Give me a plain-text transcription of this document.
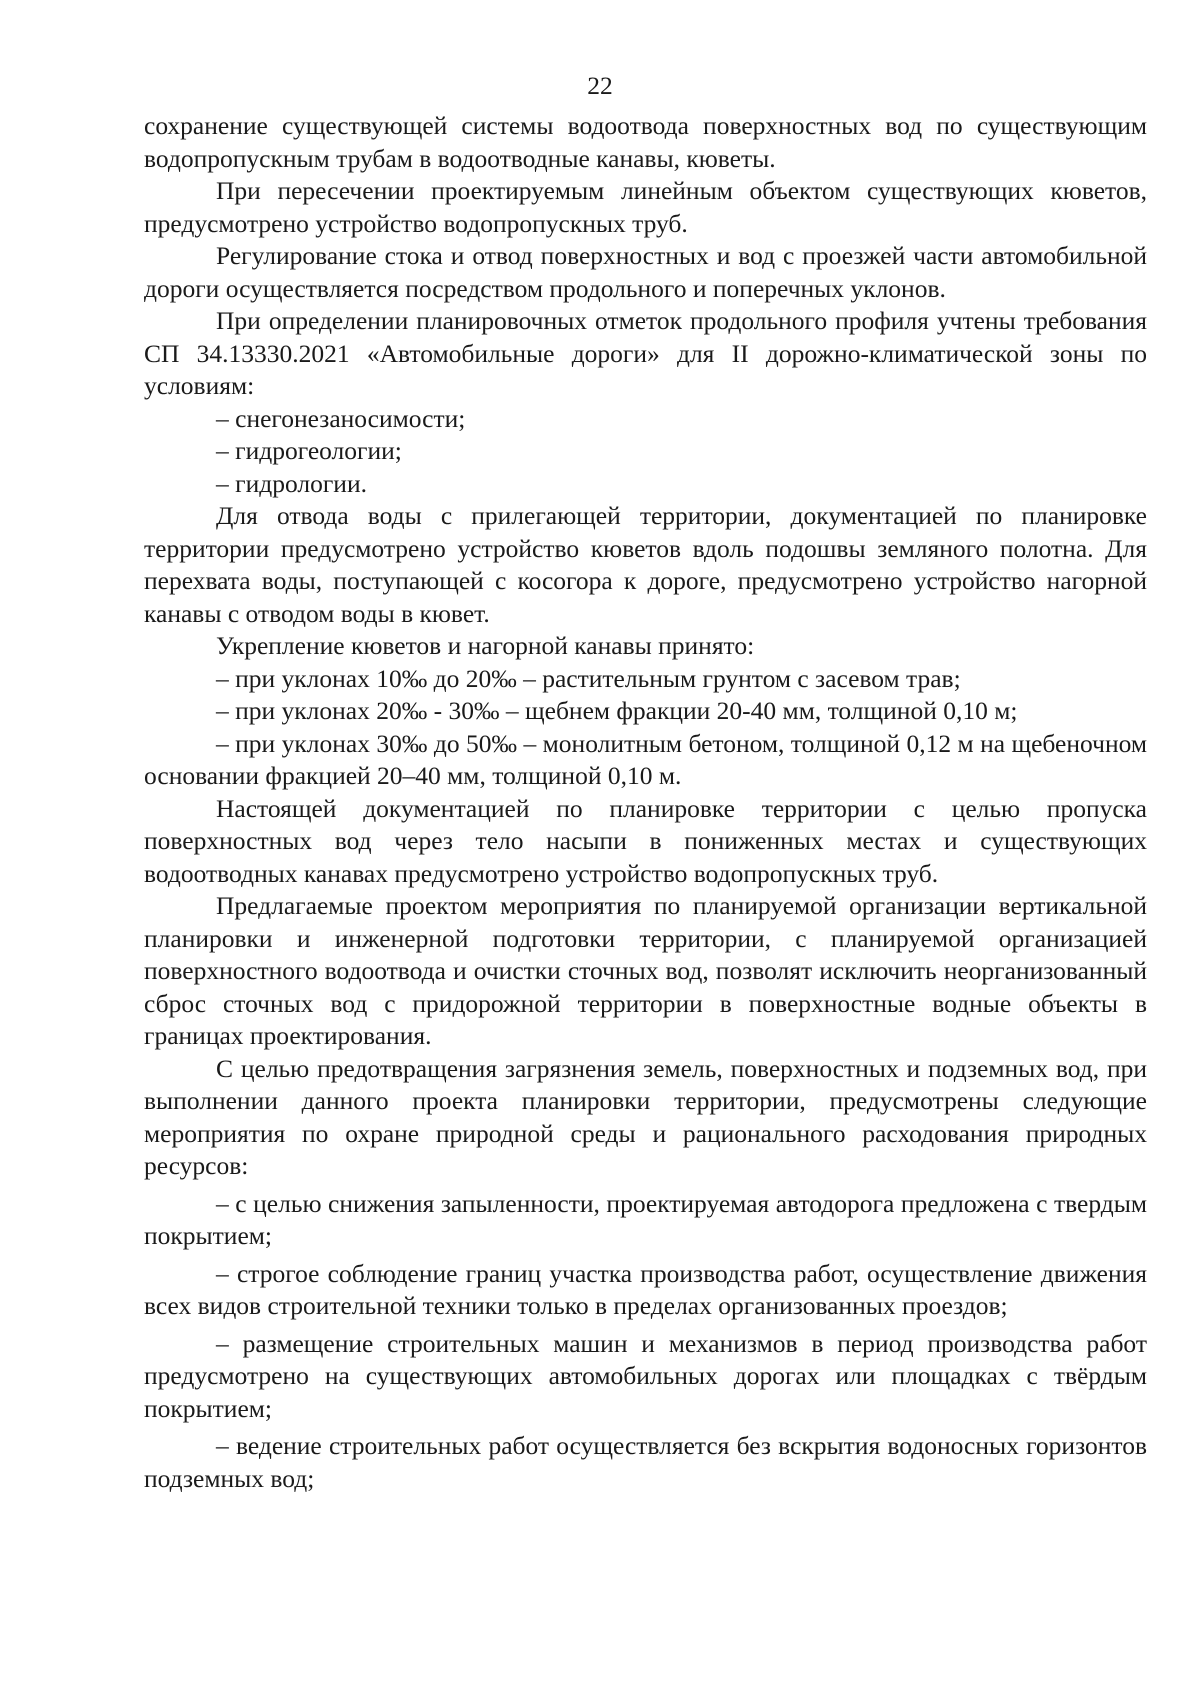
22

сохранение существующей системы водоотвода поверхностных вод по существующим водопропускным трубам в водоотводные канавы, кюветы.

При пересечении проектируемым линейным объектом существующих кюветов, предусмотрено устройство водопропускных труб.

Регулирование стока и отвод поверхностных и вод с проезжей части автомобильной дороги осуществляется посредством продольного и поперечных уклонов.

При определении планировочных отметок продольного профиля учтены требования СП 34.13330.2021 «Автомобильные дороги» для II дорожно-климатической зоны по условиям:

– снегонезаносимости;

– гидрогеологии;

– гидрологии.

Для отвода воды с прилегающей территории, документацией по планировке территории предусмотрено устройство кюветов вдоль подошвы земляного полотна. Для перехвата воды, поступающей с косогора к дороге, предусмотрено устройство нагорной канавы с отводом воды в кювет.

Укрепление кюветов и нагорной канавы принято:

– при уклонах 10‰ до 20‰ – растительным грунтом с засевом трав;

– при уклонах 20‰ - 30‰ – щебнем фракции 20-40 мм, толщиной 0,10 м;

– при уклонах 30‰ до 50‰ – монолитным бетоном, толщиной 0,12 м на щебеночном основании фракцией 20–40 мм, толщиной 0,10 м.

Настоящей документацией по планировке территории с целью пропуска поверхностных вод через тело насыпи в пониженных местах и существующих водоотводных канавах предусмотрено устройство водопропускных труб.

Предлагаемые проектом мероприятия по планируемой организации вертикальной планировки и инженерной подготовки территории, с планируемой организацией поверхностного водоотвода и очистки сточных вод, позволят исключить неорганизованный сброс сточных вод с придорожной территории в поверхностные водные объекты в границах проектирования.

С целью предотвращения загрязнения земель, поверхностных и подземных вод, при выполнении данного проекта планировки территории, предусмотрены следующие мероприятия по охране природной среды и рационального расходования природных ресурсов:

– с целью снижения запыленности, проектируемая автодорога предложена с твердым покрытием;

– строгое соблюдение границ участка производства работ, осуществление движения всех видов строительной техники только в пределах организованных проездов;

– размещение строительных машин и механизмов в период производства работ предусмотрено на существующих автомобильных дорогах или площадках с твёрдым покрытием;

– ведение строительных работ осуществляется без вскрытия водоносных горизонтов подземных вод;
